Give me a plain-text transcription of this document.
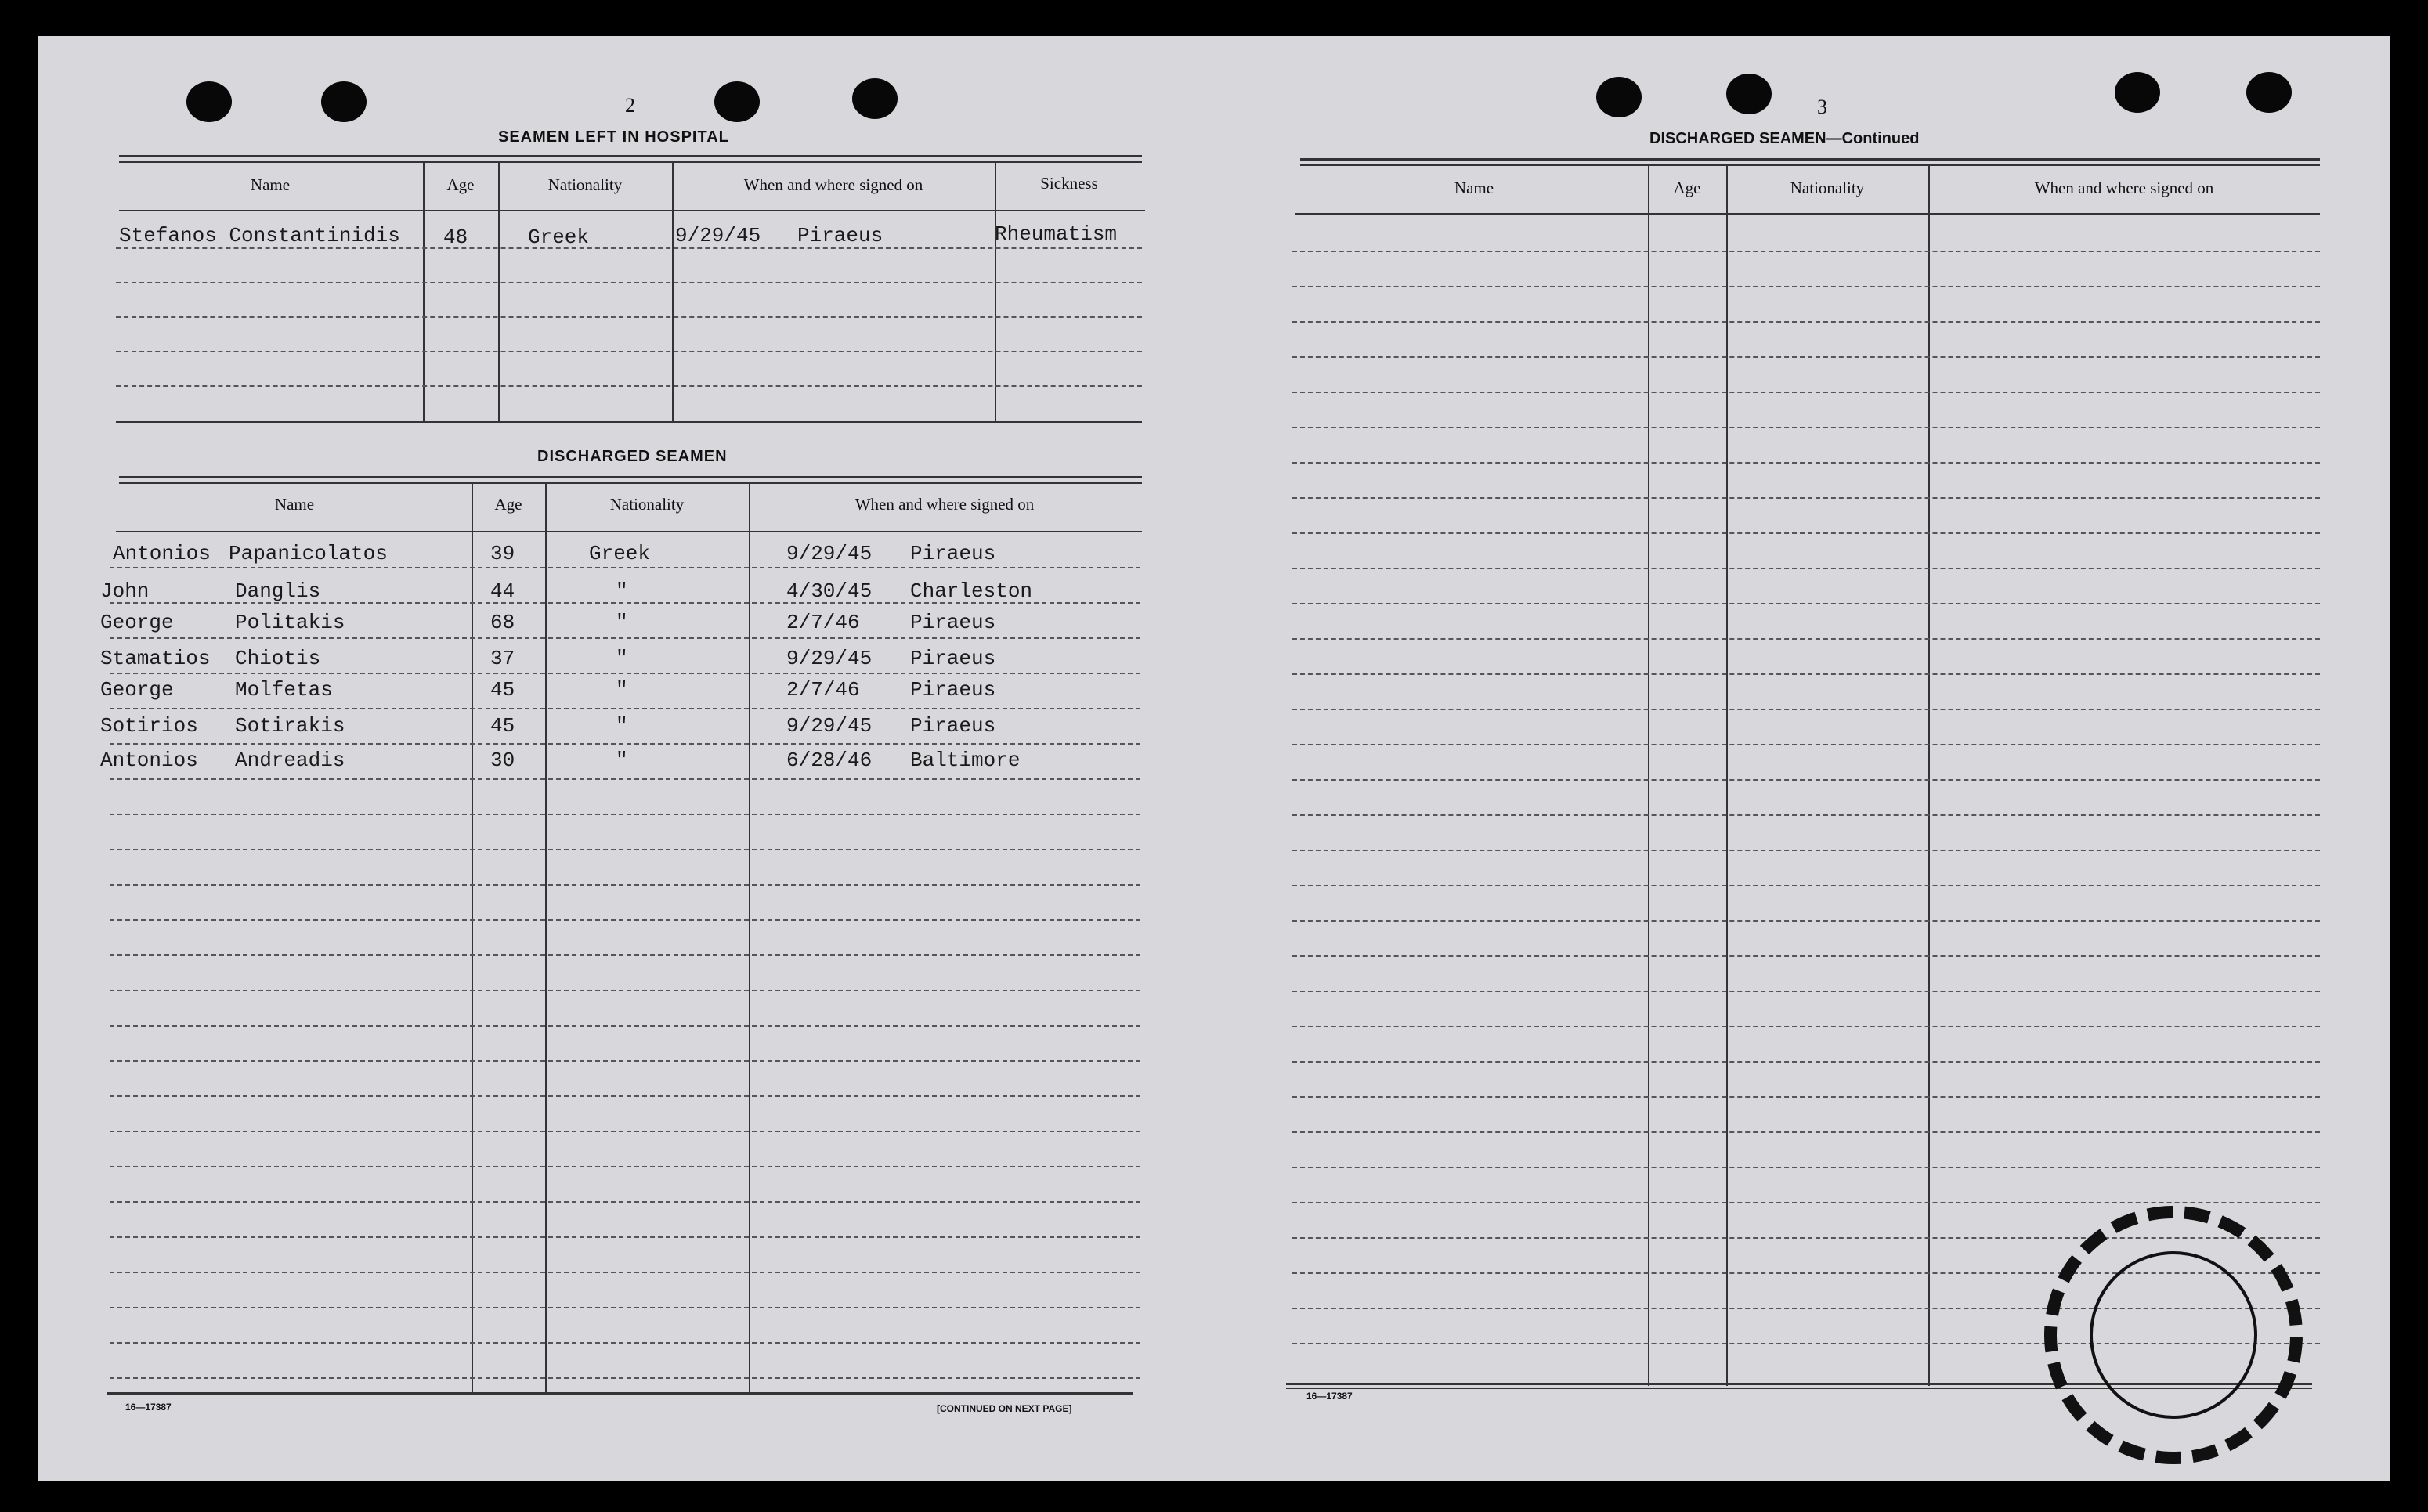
2
SEAMEN LEFT IN HOSPITAL
Name	Age	Nationality	When and where signed on	Sickness
Stefanos Constantinidis 48	Greek	9/29/45 Piraeus	Rheumatism
DISCHARGED SEAMEN
Name	Age	Nationality	When and where signed on
Antonios Papanicolatos	39	Greek	9/29/45 Piraeus
John	Danglis	44	"	4/30/45 Charleston
George	Politakis	68	"	2/7/46 Piraeus
Stamatios Chiotis	37	"	9/29/45 Piraeus
George	Molfetas	45	"	2/7/46 Piraeus
Sotirios Sotirakis	45	"	9/29/45 Piraeus
Antonios Andreadis	30	"	6/28/46 Baltimore
16—17387	[CONTINUED ON NEXT PAGE]
3
DISCHARGED SEAMEN—Continued
Name	Age	Nationality	When and where signed on
16—17387
